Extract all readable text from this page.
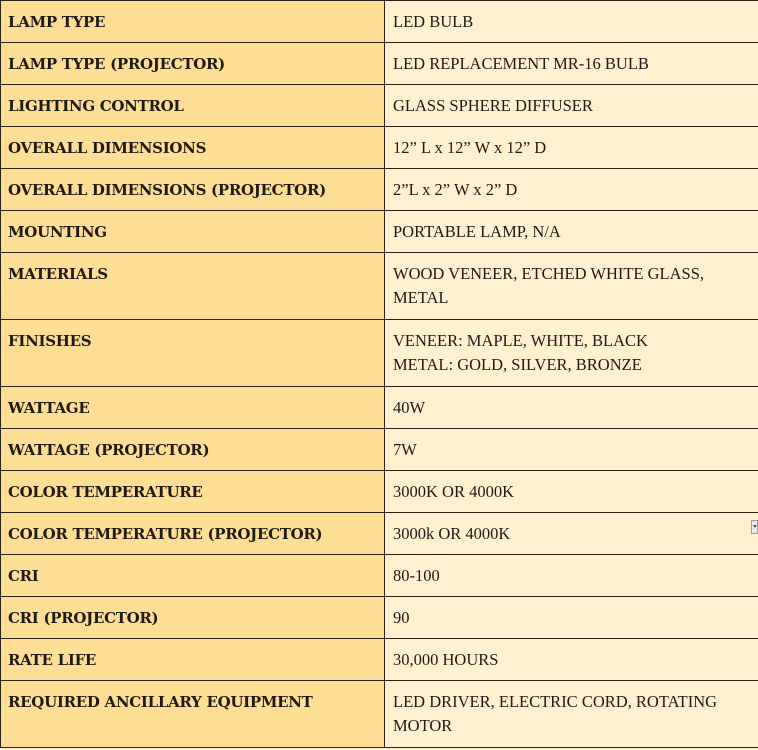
LAMP TYPE	LED BULB
LAMP TYPE (PROJECTOR)	LED REPLACEMENT MR-16 BULB
LIGHTING CONTROL	GLASS SPHERE DIFFUSER
OVERALL DIMENSIONS	12” L x 12” W x 12” D
OVERALL DIMENSIONS (PROJECTOR)	2”L x 2” W x 2” D
MOUNTING	PORTABLE LAMP, N/A
MATERIALS	WOOD VENEER, ETCHED WHITE GLASS, METAL
FINISHES	VENEER: MAPLE, WHITE, BLACK
METAL: GOLD, SILVER, BRONZE
WATTAGE	40W
WATTAGE (PROJECTOR)	7W
COLOR TEMPERATURE	3000K OR 4000K
COLOR TEMPERATURE (PROJECTOR)	3000k OR 4000K
CRI	80-100
CRI (PROJECTOR)	90
RATE LIFE	30,000 HOURS
REQUIRED ANCILLARY EQUIPMENT	LED DRIVER, ELECTRIC CORD, ROTATING MOTOR
